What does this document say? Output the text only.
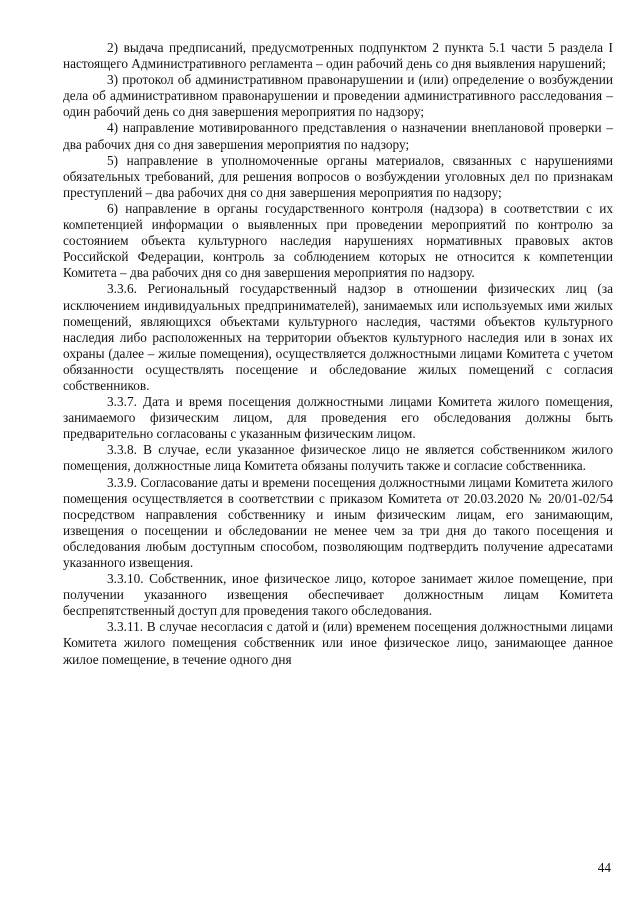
2) выдача предписаний, предусмотренных подпунктом 2 пункта 5.1 части 5 раздела I настоящего Административного регламента – один рабочий день со дня выявления нарушений;

3) протокол об административном правонарушении и (или) определение о возбуждении дела об административном правонарушении и проведении административного расследования – один рабочий день со дня завершения мероприятия по надзору;

4) направление мотивированного представления о назначении внеплановой проверки – два рабочих дня со дня завершения мероприятия по надзору;

5) направление в уполномоченные органы материалов, связанных с нарушениями обязательных требований, для решения вопросов о возбуждении уголовных дел по признакам преступлений – два рабочих дня со дня завершения мероприятия по надзору;

6) направление в органы государственного контроля (надзора) в соответствии с их компетенцией информации о выявленных при проведении мероприятий по контролю за состоянием объекта культурного наследия нарушениях нормативных правовых актов Российской Федерации, контроль за соблюдением которых не относится к компетенции Комитета – два рабочих дня со дня завершения мероприятия по надзору.

3.3.6. Региональный государственный надзор в отношении физических лиц (за исключением индивидуальных предпринимателей), занимаемых или используемых ими жилых помещений, являющихся объектами культурного наследия, частями объектов культурного наследия либо расположенных на территории объектов культурного наследия или в зонах их охраны (далее – жилые помещения), осуществляется должностными лицами Комитета с учетом обязанности осуществлять посещение и обследование жилых помещений с согласия собственников.

3.3.7. Дата и время посещения должностными лицами Комитета жилого помещения, занимаемого физическим лицом, для проведения его обследования должны быть предварительно согласованы с указанным физическим лицом.

3.3.8. В случае, если указанное физическое лицо не является собственником жилого помещения, должностные лица Комитета обязаны получить также и согласие собственника.

3.3.9. Согласование даты и времени посещения должностными лицами Комитета жилого помещения осуществляется в соответствии с приказом Комитета от 20.03.2020 № 20/01-02/54 посредством направления собственнику и иным физическим лицам, его занимающим, извещения о посещении и обследовании не менее чем за три дня до такого посещения и обследования любым доступным способом, позволяющим подтвердить получение адресатами указанного извещения.

3.3.10. Собственник, иное физическое лицо, которое занимает жилое помещение, при получении указанного извещения обеспечивает должностным лицам Комитета беспрепятственный доступ для проведения такого обследования.

3.3.11. В случае несогласия с датой и (или) временем посещения должностными лицами Комитета жилого помещения собственник или иное физическое лицо, занимающее данное жилое помещение, в течение одного дня

44
